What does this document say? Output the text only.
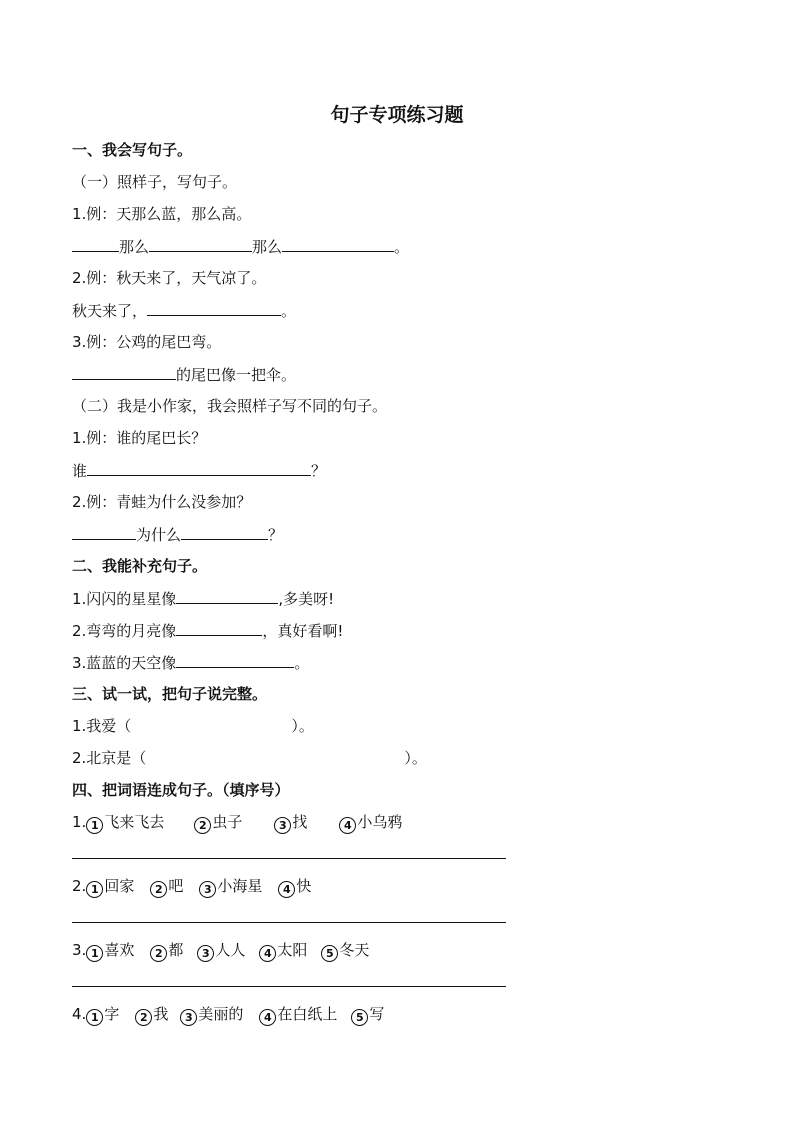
句子专项练习题
一、我会写句子。
（一）照样子，写句子。
1.例：天那么蓝，那么高。
那么	那么	。
2.例：秋天来了，天气凉了。
秋天来了，	。
3.例：公鸡的尾巴弯。
的尾巴像一把伞。
（二）我是小作家，我会照样子写不同的句子。
1.例：谁的尾巴长？
谁	？
2.例：青蛙为什么没参加？
为什么	？
二、我能补充句子。
1.闪闪的星星像	,多美呀!
2.弯弯的月亮像	，真好看啊!
3.蓝蓝的天空像	。
三、试一试，把句子说完整。
1.我爱（	）。
2.北京是（	）。
四、把词语连成句子。（填序号）
1. 1 飞来飞去	2 虫子	3 找	4 小乌鸦
2. 1 回家 2 吧 3 小海星 4 快
3. 1 喜欢 2 都 3 人人 4 太阳 5 冬天
4. 1 字 2 我 3 美丽的 4 在白纸上 5 写
